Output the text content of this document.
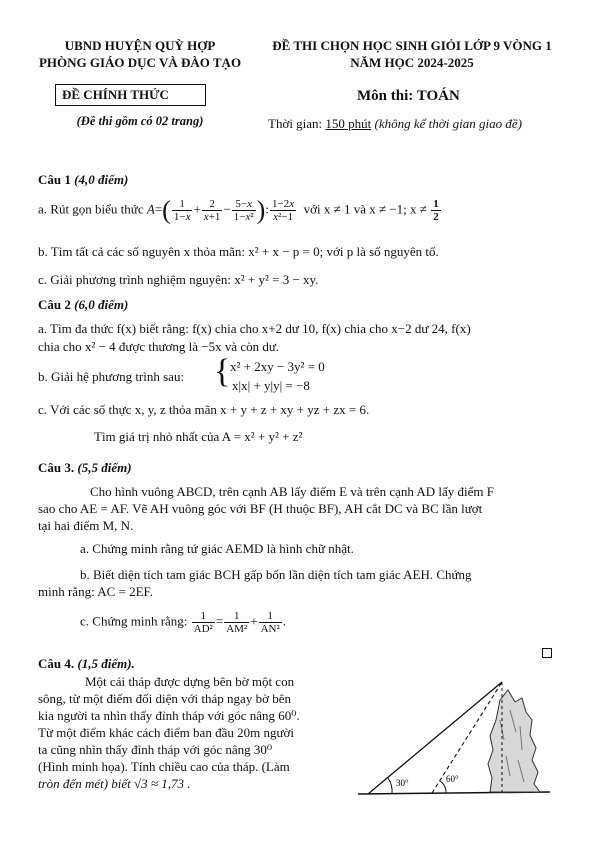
UBND HUYỆN QUỲ HỢP
PHÒNG GIÁO DỤC VÀ ĐÀO TẠO
ĐỀ CHÍNH THỨC
(Đề thi gồm có 02 trang)
ĐỀ THI CHỌN HỌC SINH GIỎI LỚP 9 VÒNG 1
NĂM HỌC 2024-2025
Môn thi: TOÁN
Thời gian: 150 phút (không kể thời gian giao đề)
Câu 1 (4,0 điểm)
a. Rút gọn biểu thức $A=( \frac{1}{1-x} + \frac{2}{x+1} - \frac{5-x}{\text{1−x²}}$ ): $\frac{1-2x}{\text{x²−1}}$ với x ≠ 1 và x ≠ −1; $x \ne \frac{1}{2}$
b. Tìm tất cả các số nguyên x thỏa mãn: x² + x − p = 0; với p là số nguyên tố.
c. Giải phương trình nghiệm nguyên: x² + y² = 3 − xy.
Câu 2 (6,0 điểm)
a. Tìm đa thức f(x) biết rằng: f(x) chia cho x+2 dư 10, f(x) chia cho x−2 dư 24, f(x)
chia cho x² − 4 được thương là −5x và còn dư.
b. Giải hệ phương trình sau: { x² + 2xy − 3y² = 0
x|x| + y|y| = −8
c. Với các số thực x, y, z thỏa mãn x + y + z + xy + yz + zx = 6.
Tìm giá trị nhỏ nhất của A = x² + y² + z²
Câu 3. (5,5 điểm)
Cho hình vuông ABCD, trên cạnh AB lấy điểm E và trên cạnh AD lấy điểm F
sao cho AE = AF. Vẽ AH vuông góc với BF (H thuộc BF), AH cắt DC và BC lần lượt
tại hai điểm M, N.
a. Chứng minh rằng tứ giác AEMD là hình chữ nhật.
b. Biết diện tích tam giác BCH gấp bốn lần diện tích tam giác AEH. Chứng
minh rằng: AC = 2EF.
c. Chứng minh rằng: $\frac{1}{\text{AD²}} = \frac{1}{\text{AM²}} + \frac{1}{\text{AN²}}$ .
Câu 4. (1,5 điểm).
Một cái tháp được dựng bên bờ một con
sông, từ một điểm đối diện với tháp ngay bờ bên
kia người ta nhìn thấy đỉnh tháp với góc nâng 60⁰.
Từ một điểm khác cách điểm ban đầu 20m người
ta cũng nhìn thấy đỉnh tháp với góc nâng 30⁰
(Hình minh họa). Tính chiều cao của tháp. (Làm
tròn đến mét) biết √3 ≈ 1,73 .	30°	60°
